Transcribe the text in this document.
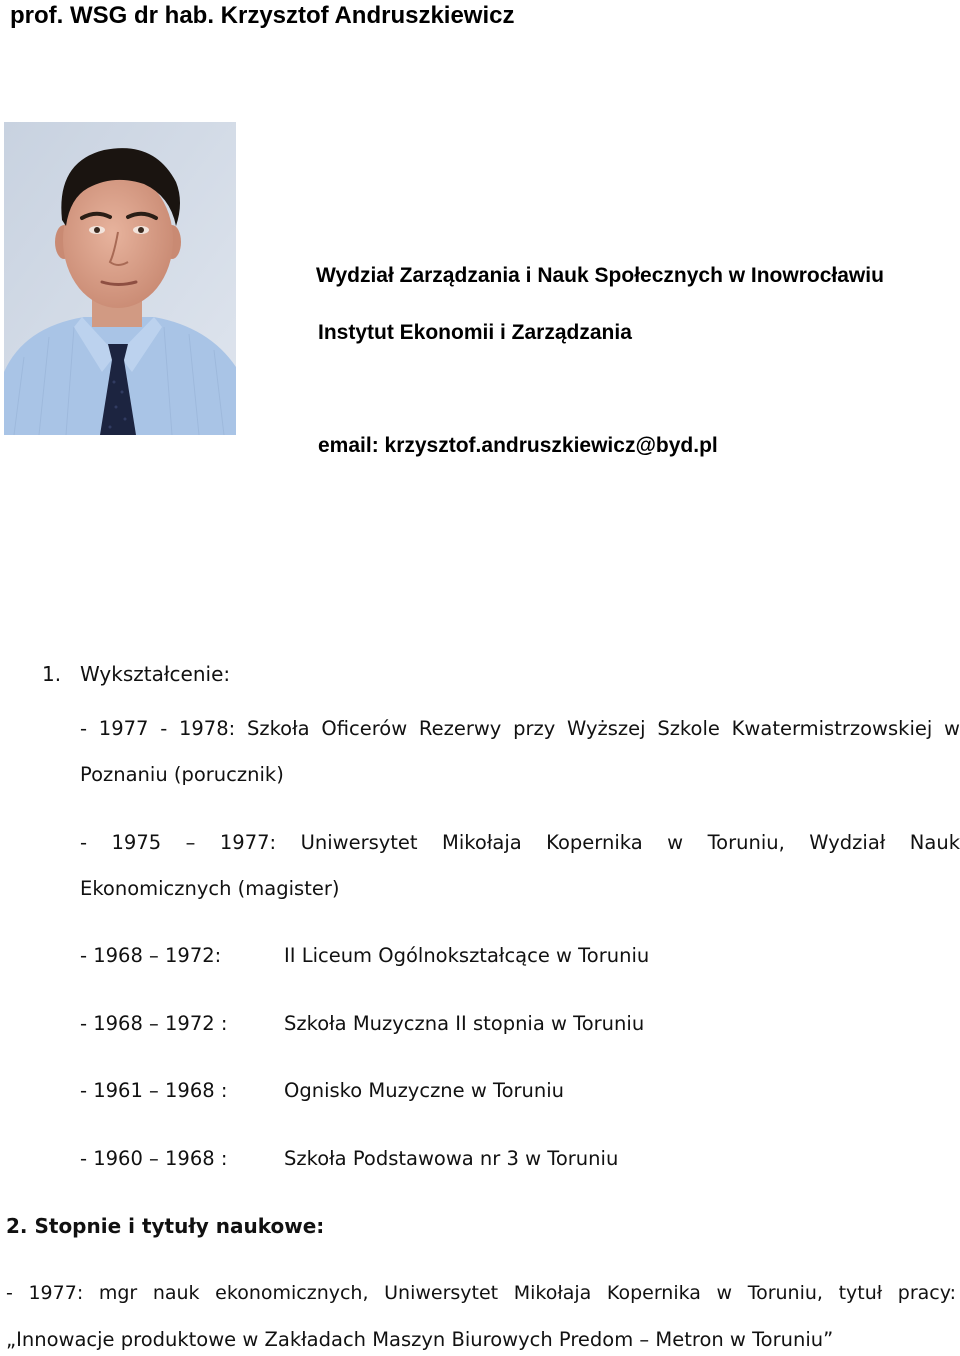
prof. WSG dr hab. Krzysztof Andruszkiewicz
Wydział Zarządzania i Nauk Społecznych w Inowrocławiu
Instytut Ekonomii i Zarządzania
email: krzysztof.andruszkiewicz@byd.pl
1. Wykształcenie:
- 1977 - 1978: Szkoła Oficerów Rezerwy przy Wyższej Szkole Kwatermistrzowskiej w
Poznaniu (porucznik)
- 1975 – 1977: Uniwersytet Mikołaja Kopernika w Toruniu, Wydział Nauk
Ekonomicznych (magister)
- 1968 – 1972:	II Liceum Ogólnokształcące w Toruniu
- 1968 – 1972 :	Szkoła Muzyczna II stopnia w Toruniu
- 1961 – 1968 :	Ognisko Muzyczne w Toruniu
- 1960 – 1968 :	Szkoła Podstawowa nr 3 w Toruniu
2. Stopnie i tytuły naukowe:
- 1977: mgr nauk ekonomicznych, Uniwersytet Mikołaja Kopernika w Toruniu, tytuł pracy:
„Innowacje produktowe w Zakładach Maszyn Biurowych Predom – Metron w Toruniu”
